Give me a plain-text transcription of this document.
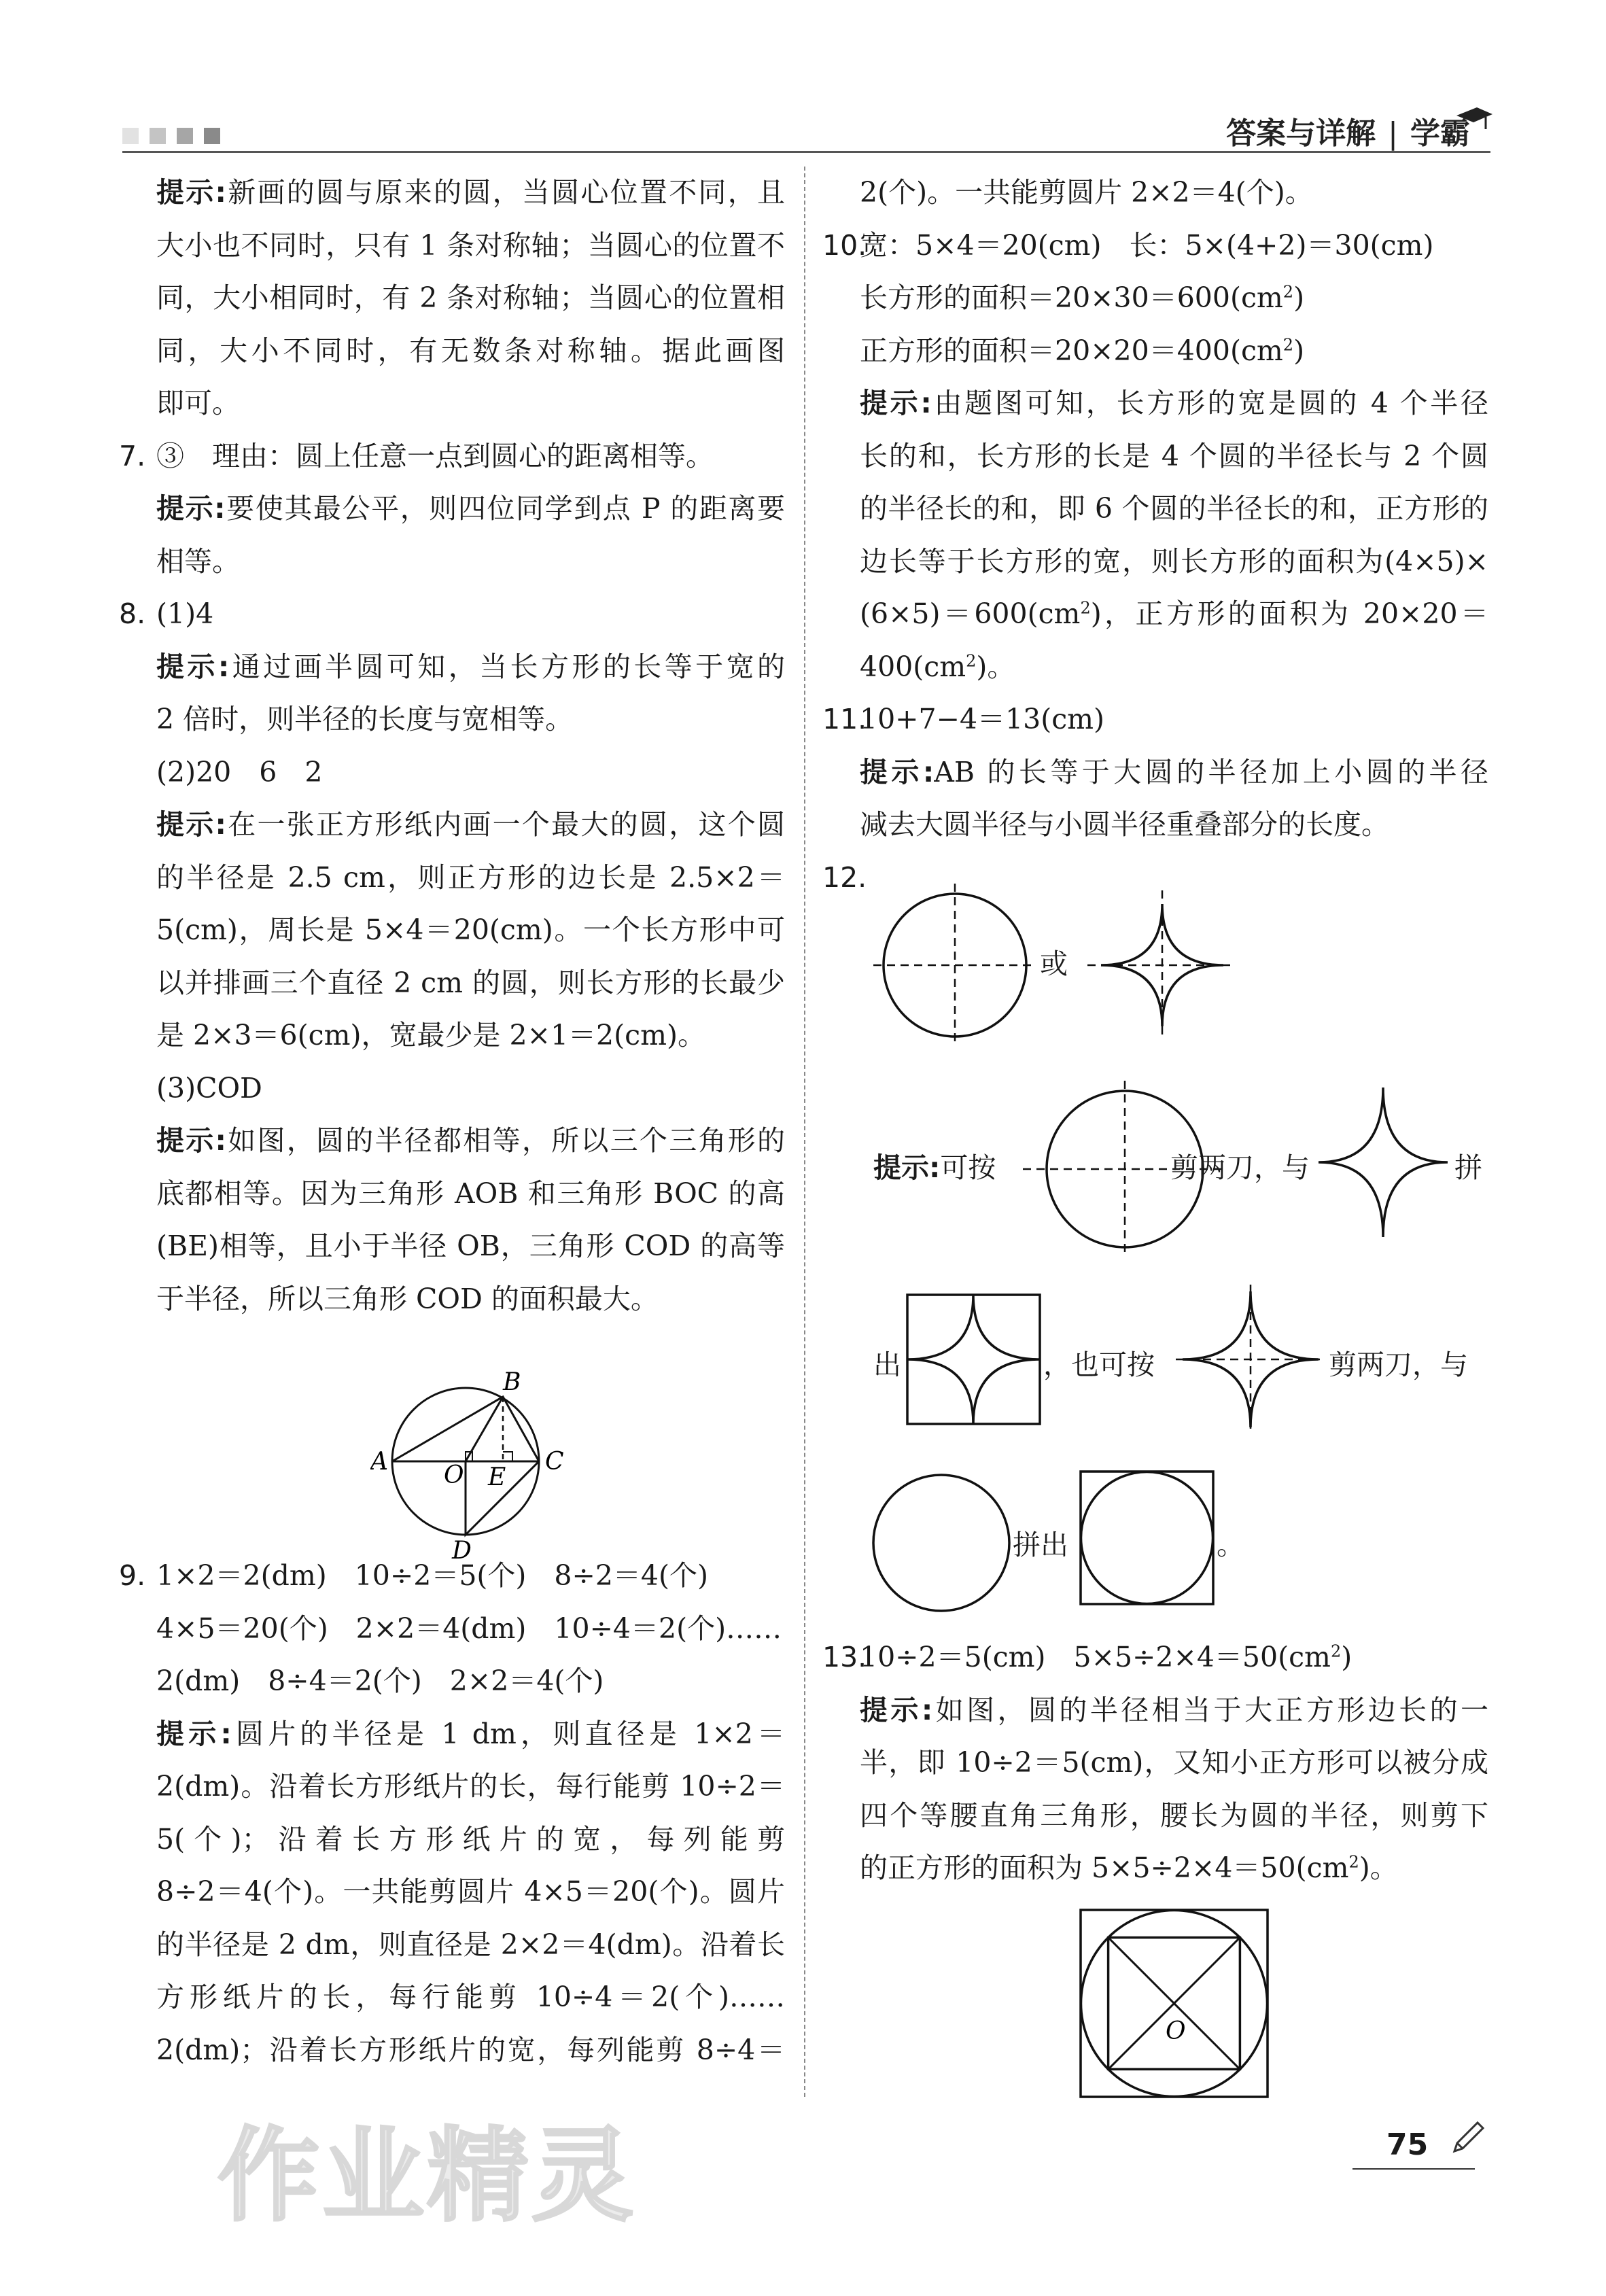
答案与详解 | 学霸
提示:新画的圆与原来的圆，当圆心位置不同，且
大小也不同时，只有 1 条对称轴；当圆心的位置不
同，大小相同时，有 2 条对称轴；当圆心的位置相
同，大小不同时，有无数条对称轴。据此画图
即可。
7. ③　理由：圆上任意一点到圆心的距离相等。
提示:要使其最公平，则四位同学到点 P 的距离要
相等。
8. (1)4
提示:通过画半圆可知，当长方形的长等于宽的
2 倍时，则半径的长度与宽相等。
(2)20　6　2
提示:在一张正方形纸内画一个最大的圆，这个圆
的半径是 2.5 cm，则正方形的边长是 2.5×2＝
5(cm)，周长是 5×4＝20(cm)。一个长方形中可
以并排画三个直径 2 cm 的圆，则长方形的长最少
是 2×3＝6(cm)，宽最少是 2×1＝2(cm)。
(3)COD
提示:如图，圆的半径都相等，所以三个三角形的
底都相等。因为三角形 AOB 和三角形 BOC 的高
(BE)相等，且小于半径 OB，三角形 COD 的高等
于半径，所以三角形 COD 的面积最大。
9. 1×2＝2(dm)　10÷2＝5(个)　8÷2＝4(个)
4×5＝20(个)　2×2＝4(dm)　10÷4＝2(个)……
2(dm)　8÷4＝2(个)　2×2＝4(个)
提示:圆片的半径是 1 dm，则直径是 1×2＝
2(dm)。沿着长方形纸片的长，每行能剪 10÷2＝
5(个)；沿着长方形纸片的宽，每列能剪
8÷2＝4(个)。一共能剪圆片 4×5＝20(个)。圆片
的半径是 2 dm，则直径是 2×2＝4(dm)。沿着长
方形纸片的长，每行能剪 10÷4＝2(个)……
2(dm)；沿着长方形纸片的宽，每列能剪 8÷4＝
B
A	C
D
O E
2(个)。一共能剪圆片 2×2＝4(个)。
10.
宽：5×4＝20(cm)　长：5×(4+2)＝30(cm)
长方形的面积$=20\times 30=600(cm^2)$
正方形的面积$=20\times 20=400(cm^2)$
提示:由题图可知，长方形的宽是圆的 4 个半径
长的和，长方形的长是 4 个圆的半径长与 2 个圆
的半径长的和，即 6 个圆的半径长的和，正方形的
边长等于长方形的宽，则长方形的面积为(4×5)×
$(6\times 5)=600(cm^2)$，正方形的面积为 20×20＝
$400(cm^2)$。
11.
10+7−4＝13(cm)
提示:AB 的长等于大圆的半径加上小圆的半径
减去大圆半径与小圆半径重叠部分的长度。
12.
或
提示:可按	剪两刀，与	拼
出	，也可按	剪两刀，与
拼出	。
13.
10÷2＝5(cm)　$5\times 5\div 2\times 4=50(cm^2)$
提示:如图，圆的半径相当于大正方形边长的一
半，即 10÷2＝5(cm)，又知小正方形可以被分成
四个等腰直角三角形，腰长为圆的半径，则剪下
的正方形的面积为 $5\times 5\div 2\times 4=50(cm^2)$。
O
作业精灵	75
